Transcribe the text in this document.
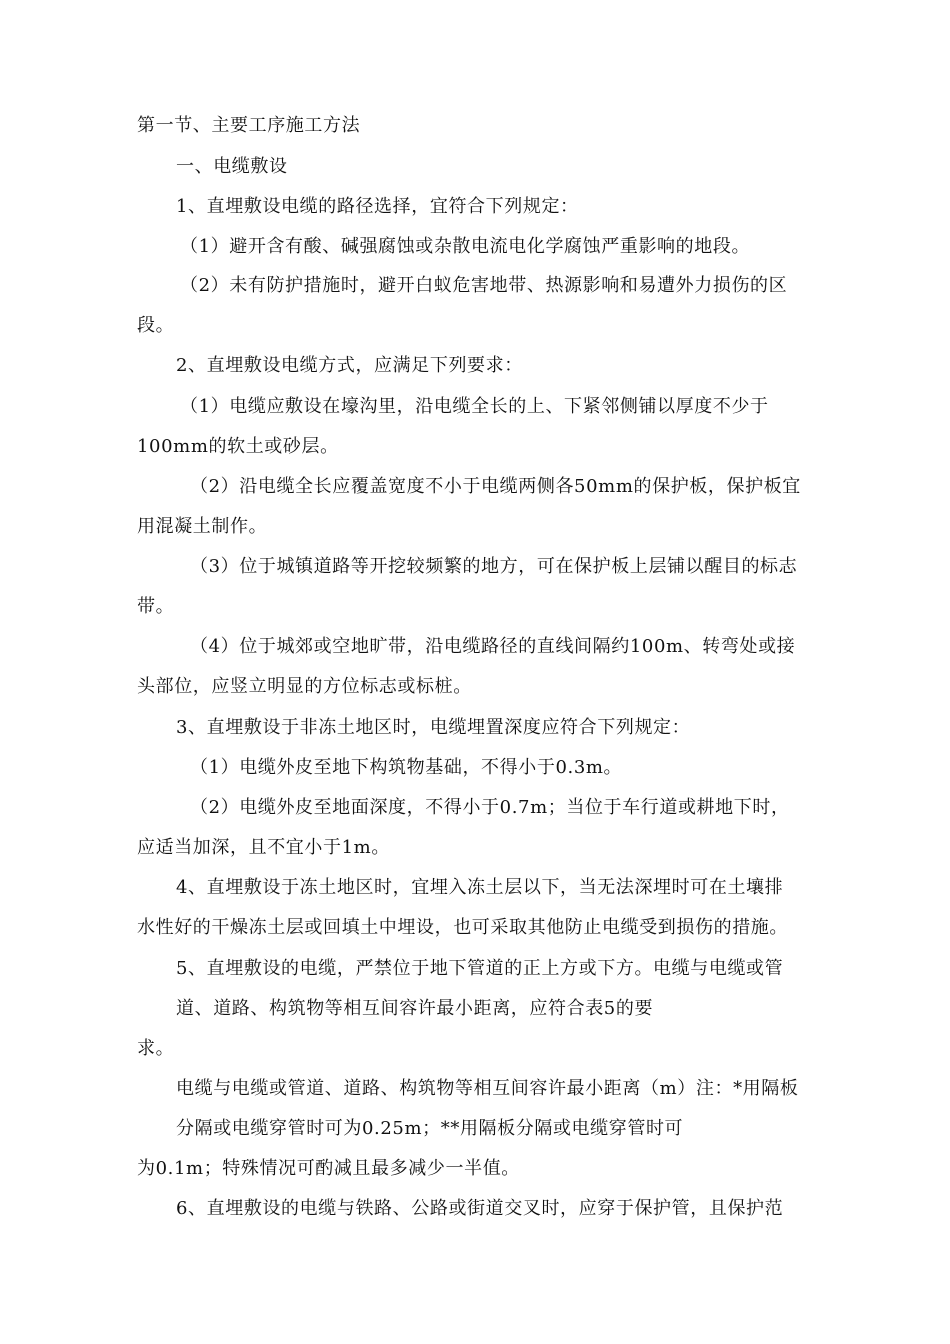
第一节、主要工序施工方法
一、电缆敷设
1、直埋敷设电缆的路径选择，宜符合下列规定：
（1）避开含有酸、碱强腐蚀或杂散电流电化学腐蚀严重影响的地段。
（2）未有防护措施时，避开白蚁危害地带、热源影响和易遭外力损伤的区
段。
2、直埋敷设电缆方式，应满足下列要求：
（1）电缆应敷设在壕沟里，沿电缆全长的上、下紧邻侧铺以厚度不少于
100mm的软土或砂层。
（2）沿电缆全长应覆盖宽度不小于电缆两侧各50mm的保护板，保护板宜
用混凝土制作。
（3）位于城镇道路等开挖较频繁的地方，可在保护板上层铺以醒目的标志
带。
（4）位于城郊或空地旷带，沿电缆路径的直线间隔约100m、转弯处或接
头部位，应竖立明显的方位标志或标桩。
3、直埋敷设于非冻土地区时，电缆埋置深度应符合下列规定：
（1）电缆外皮至地下构筑物基础，不得小于0.3m。
（2）电缆外皮至地面深度，不得小于0.7m；当位于车行道或耕地下时，
应适当加深，且不宜小于1m。
4、直埋敷设于冻土地区时，宜埋入冻土层以下，当无法深埋时可在土壤排
水性好的干燥冻土层或回填土中埋设，也可采取其他防止电缆受到损伤的措施。
5、直埋敷设的电缆，严禁位于地下管道的正上方或下方。电缆与电缆或管
道、道路、构筑物等相互间容许最小距离，应符合表5的要
求。
电缆与电缆或管道、道路、构筑物等相互间容许最小距离（m）注：*用隔板
分隔或电缆穿管时可为0.25m；**用隔板分隔或电缆穿管时可
为0.1m；特殊情况可酌减且最多减少一半值。
6、直埋敷设的电缆与铁路、公路或街道交叉时，应穿于保护管，且保护范
